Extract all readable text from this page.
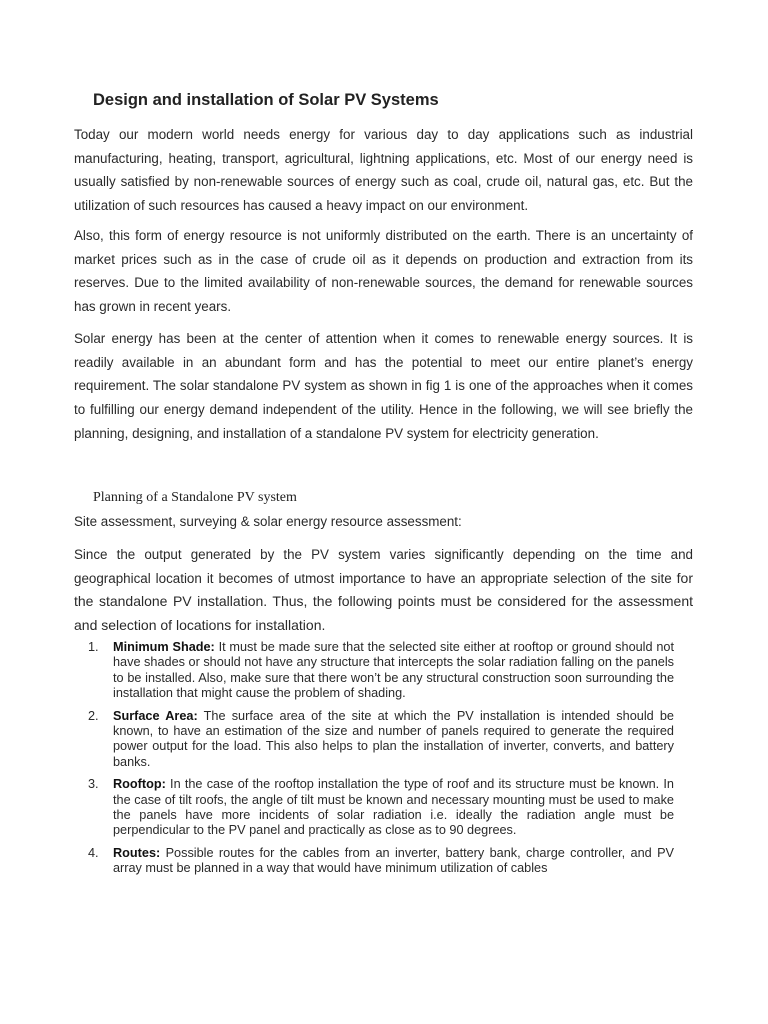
Design and installation of Solar PV Systems

Today our modern world needs energy for various day to day applications such as industrial manufacturing, heating, transport, agricultural, lightning applications, etc. Most of our energy need is usually satisfied by non-renewable sources of energy such as coal, crude oil, natural gas, etc. But the utilization of such resources has caused a heavy impact on our environment.

Also, this form of energy resource is not uniformly distributed on the earth. There is an uncertainty of market prices such as in the case of crude oil as it depends on production and extraction from its reserves. Due to the limited availability of non-renewable sources, the demand for renewable sources has grown in recent years.

Solar energy has been at the center of attention when it comes to renewable energy sources. It is readily available in an abundant form and has the potential to meet our entire planet’s energy requirement. The solar standalone PV system as shown in fig 1 is one of the approaches when it comes to fulfilling our energy demand independent of the utility. Hence in the following, we will see briefly the planning, designing, and installation of a standalone PV system for electricity generation.

Planning of a Standalone PV system

Site assessment, surveying & solar energy resource assessment:

Since the output generated by the PV system varies significantly depending on the time and geographical location it becomes of utmost importance to have an appropriate selection of the site for the standalone PV installation. Thus, the following points must be considered for the assessment and selection of locations for installation.
1. Minimum Shade: It must be made sure that the selected site either at rooftop or ground should not have shades or should not have any structure that intercepts the solar radiation falling on the panels to be installed. Also, make sure that there won’t be any structural construction soon surrounding the installation that might cause the problem of shading.
2. Surface Area: The surface area of the site at which the PV installation is intended should be known, to have an estimation of the size and number of panels required to generate the required power output for the load. This also helps to plan the installation of inverter, converts, and battery banks.
3. Rooftop: In the case of the rooftop installation the type of roof and its structure must be known. In the case of tilt roofs, the angle of tilt must be known and necessary mounting must be used to make the panels have more incidents of solar radiation i.e. ideally the radiation angle must be perpendicular to the PV panel and practically as close as to 90 degrees.
4. Routes: Possible routes for the cables from an inverter, battery bank, charge controller, and PV array must be planned in a way that would have minimum utilization of cables
